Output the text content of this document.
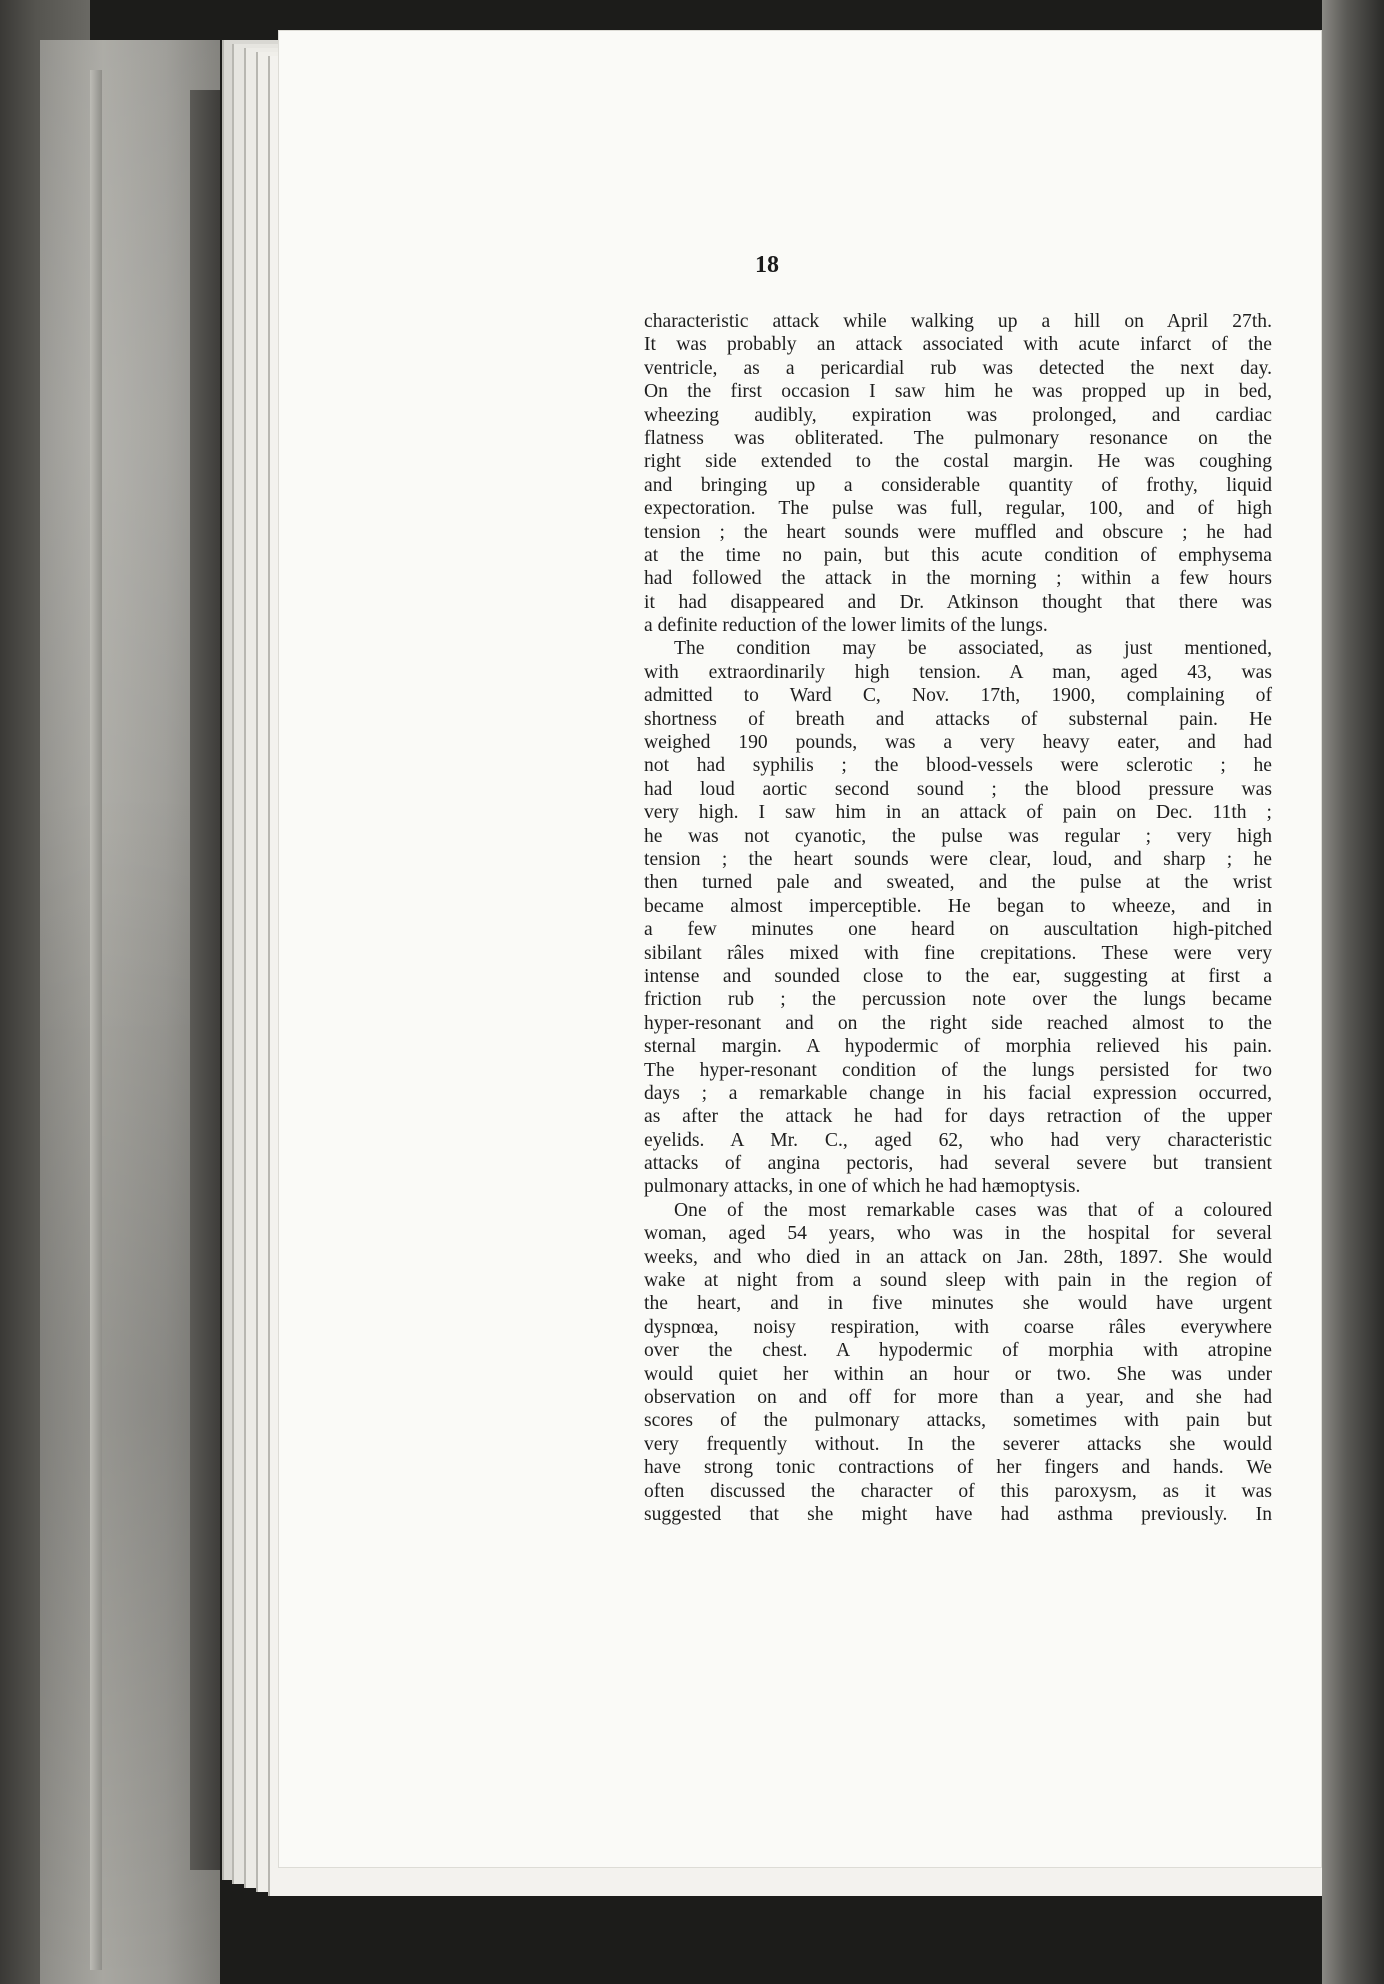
18
characteristic attack while walking up a hill on April 27th.
It was probably an attack associated with acute infarct of the
ventricle, as a pericardial rub was detected the next day.
On the first occasion I saw him he was propped up in bed,
wheezing audibly, expiration was prolonged, and cardiac
flatness was obliterated. The pulmonary resonance on the
right side extended to the costal margin. He was coughing
and bringing up a considerable quantity of frothy, liquid
expectoration. The pulse was full, regular, 100, and of high
tension ; the heart sounds were muffled and obscure ; he had
at the time no pain, but this acute condition of emphysema
had followed the attack in the morning ; within a few hours
it had disappeared and Dr. Atkinson thought that there was
a definite reduction of the lower limits of the lungs.
The condition may be associated, as just mentioned,
with extraordinarily high tension. A man, aged 43, was
admitted to Ward C, Nov. 17th, 1900, complaining of
shortness of breath and attacks of substernal pain. He
weighed 190 pounds, was a very heavy eater, and had
not had syphilis ; the blood-vessels were sclerotic ; he
had loud aortic second sound ; the blood pressure was
very high. I saw him in an attack of pain on Dec. 11th ;
he was not cyanotic, the pulse was regular ; very high
tension ; the heart sounds were clear, loud, and sharp ; he
then turned pale and sweated, and the pulse at the wrist
became almost imperceptible. He began to wheeze, and in
a few minutes one heard on auscultation high-pitched
sibilant râles mixed with fine crepitations. These were very
intense and sounded close to the ear, suggesting at first a
friction rub ; the percussion note over the lungs became
hyper-resonant and on the right side reached almost to the
sternal margin. A hypodermic of morphia relieved his pain.
The hyper-resonant condition of the lungs persisted for two
days ; a remarkable change in his facial expression occurred,
as after the attack he had for days retraction of the upper
eyelids. A Mr. C., aged 62, who had very characteristic
attacks of angina pectoris, had several severe but transient
pulmonary attacks, in one of which he had hæmoptysis.
One of the most remarkable cases was that of a coloured
woman, aged 54 years, who was in the hospital for several
weeks, and who died in an attack on Jan. 28th, 1897. She would
wake at night from a sound sleep with pain in the region of
the heart, and in five minutes she would have urgent
dyspnœa, noisy respiration, with coarse râles everywhere
over the chest. A hypodermic of morphia with atropine
would quiet her within an hour or two. She was under
observation on and off for more than a year, and she had
scores of the pulmonary attacks, sometimes with pain but
very frequently without. In the severer attacks she would
have strong tonic contractions of her fingers and hands. We
often discussed the character of this paroxysm, as it was
suggested that she might have had asthma previously. In
